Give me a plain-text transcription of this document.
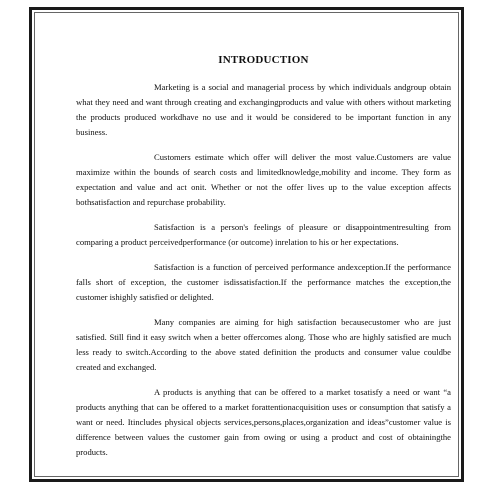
INTRODUCTION

Marketing is a social and managerial process by which individuals andgroup obtain what they need and want through creating and exchangingproducts and value with others without marketing the products produced workdhave no use and it would be considered to be important function in any business.

Customers estimate which offer will deliver the most value.Customers are value maximize within the bounds of search costs and limitedknowledge,mobility and income. They form as expectation and value and act onit. Whether or not the offer lives up to the value exception affects bothsatisfaction and repurchase probability.

Satisfaction is a person's feelings of pleasure or disappointmentresulting from comparing a product perceivedperformance (or outcome) inrelation to his or her expectations.

Satisfaction is a function of perceived performance andexception.If the performance falls short of exception, the customer isdissatisfaction.If the performance matches the exception,the customer ishighly satisfied or delighted.

Many companies are aiming for high satisfaction becausecustomer who are just satisfied. Still find it easy switch when a better offercomes along. Those who are highly satisfied are much less ready to switch.According to the above stated definition the products and consumer value couldbe created and exchanged.

A products is anything that can be offered to a market tosatisfy a need or want “a products anything that can be offered to a market forattentionacquisition uses or consumption that satisfy a want or need. Itincludes physical objects services,persons,places,organization and ideas”customer value is difference between values the customer gain from owing or using a product and cost of obtainingthe products.
